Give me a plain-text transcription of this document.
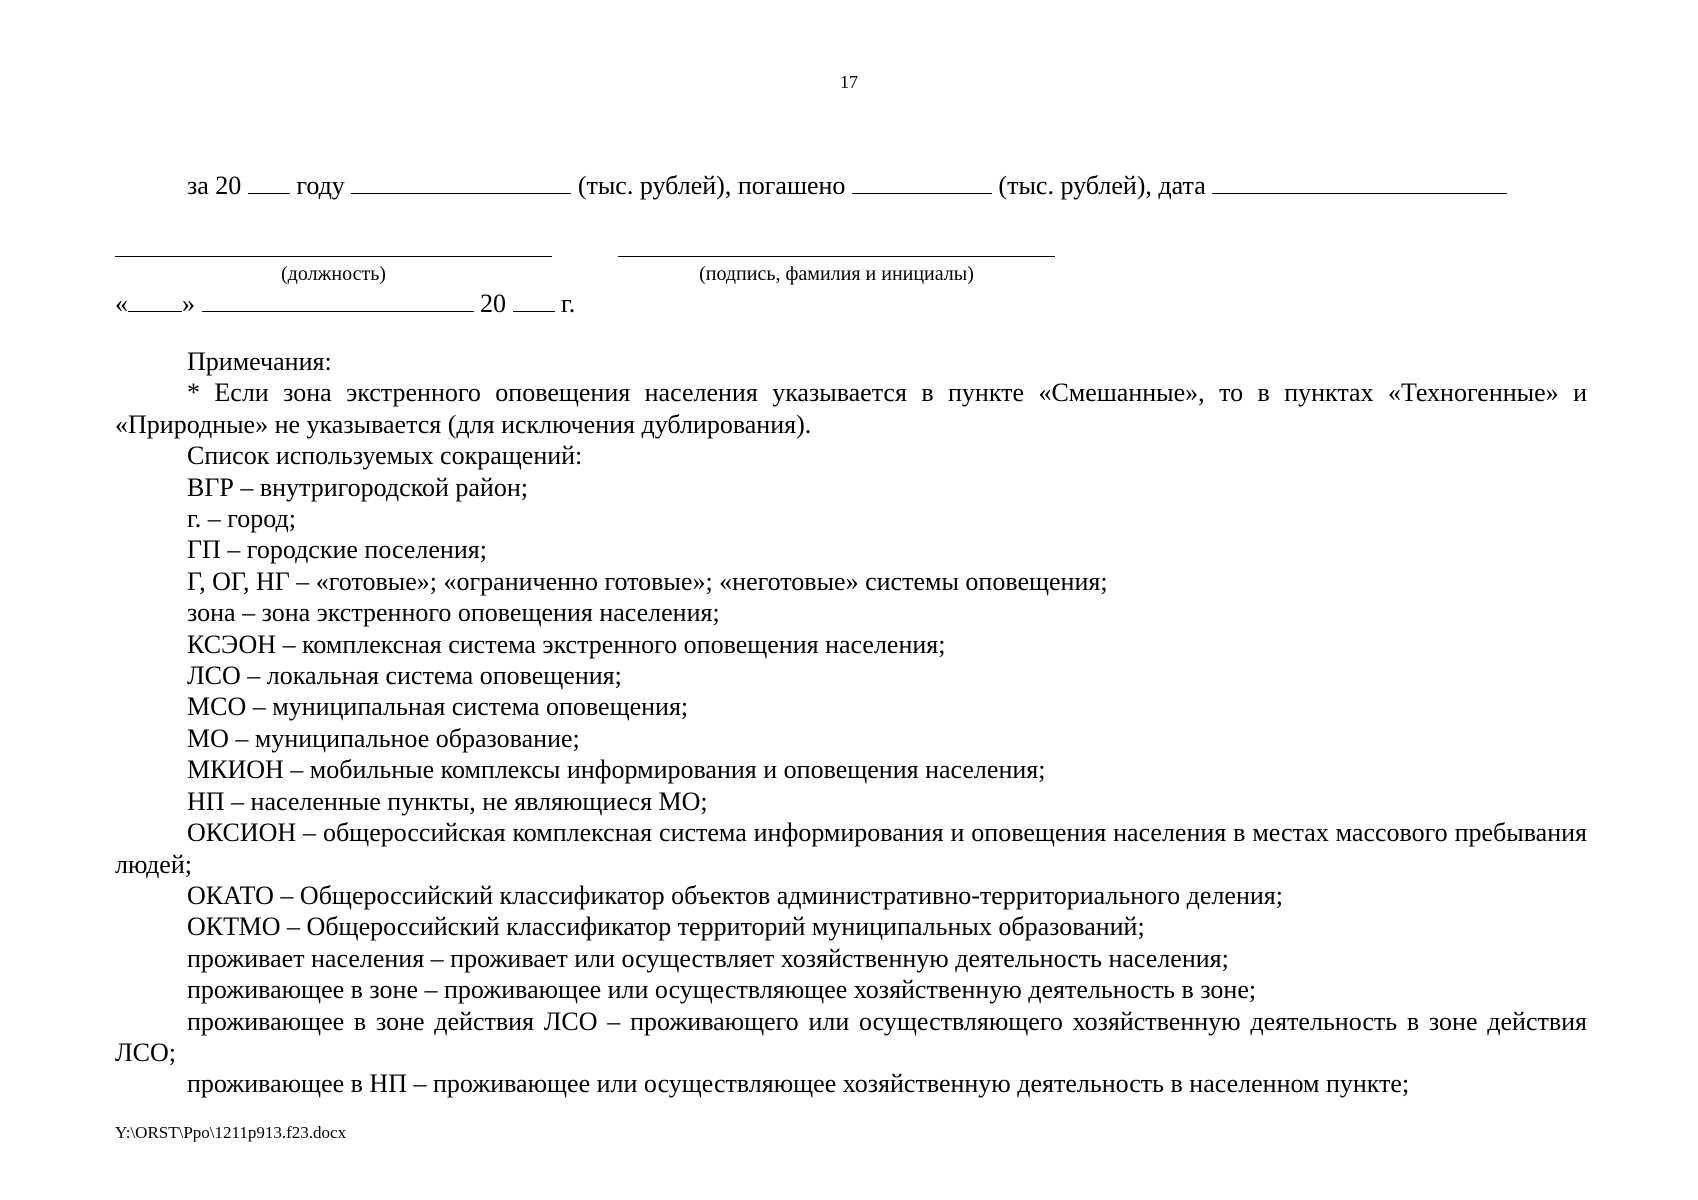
17
за 20 году	(тыс. рублей), погашено	(тыс. рублей), дата
(должность)	(подпись, фамилия и инициалы)
« »	20 г.

Примечания:

* Если зона экстренного оповещения населения указывается в пункте «Смешанные», то в пунктах «Техногенные» и «Природные» не указывается (для исключения дублирования).

Список используемых сокращений:

ВГР – внутригородской район;

г. – город;

ГП – городские поселения;

Г, ОГ, НГ – «готовые»; «ограниченно готовые»; «неготовые» системы оповещения;

зона – зона экстренного оповещения населения;

КСЭОН – комплексная система экстренного оповещения населения;

ЛСО – локальная система оповещения;

МСО – муниципальная система оповещения;

МО – муниципальное образование;

МКИОН – мобильные комплексы информирования и оповещения населения;

НП – населенные пункты, не являющиеся МО;

ОКСИОН – общероссийская комплексная система информирования и оповещения населения в местах массового пребывания людей;

ОКАТО – Общероссийский классификатор объектов административно-территориального деления;

ОКТМО – Общероссийский классификатор территорий муниципальных образований;

проживает населения – проживает или осуществляет хозяйственную деятельность населения;

проживающее в зоне – проживающее или осуществляющее хозяйственную деятельность в зоне;

проживающее в зоне действия ЛСО – проживающего или осуществляющего хозяйственную деятельность в зоне действия ЛСО;

проживающее в НП – проживающее или осуществляющее хозяйственную деятельность в населенном пункте;

Y:\ORST\Ppo\1211p913.f23.docx
